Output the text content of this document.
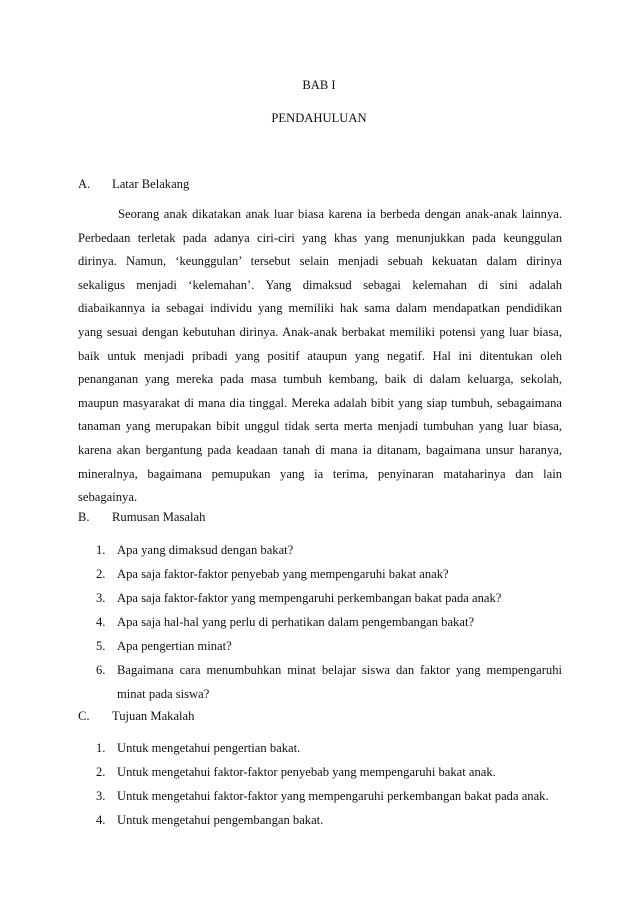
BAB I
PENDAHULUAN
A. Latar Belakang
Seorang anak dikatakan anak luar biasa karena ia berbeda dengan anak-anak lainnya.
Perbedaan terletak pada adanya ciri-ciri yang khas yang menunjukkan pada keunggulan
dirinya. Namun, ‘keunggulan’ tersebut selain menjadi sebuah kekuatan dalam dirinya
sekaligus menjadi ‘kelemahan’. Yang dimaksud sebagai kelemahan di sini adalah
diabaikannya ia sebagai individu yang memiliki hak sama dalam mendapatkan pendidikan
yang sesuai dengan kebutuhan dirinya. Anak-anak berbakat memiliki potensi yang luar biasa,
baik untuk menjadi pribadi yang positif ataupun yang negatif. Hal ini ditentukan oleh
penanganan yang mereka pada masa tumbuh kembang, baik di dalam keluarga, sekolah,
maupun masyarakat di mana dia tinggal. Mereka adalah bibit yang siap tumbuh, sebagaimana
tanaman yang merupakan bibit unggul tidak serta merta menjadi tumbuhan yang luar biasa,
karena akan bergantung pada keadaan tanah di mana ia ditanam, bagaimana unsur haranya,
mineralnya, bagaimana pemupukan yang ia terima, penyinaran mataharinya dan lain
sebagainya.
B. Rumusan Masalah
1. Apa yang dimaksud dengan bakat?
2. Apa saja faktor-faktor penyebab yang mempengaruhi bakat anak?
3. Apa saja faktor-faktor yang mempengaruhi perkembangan bakat pada anak?
4. Apa saja hal-hal yang perlu di perhatikan dalam pengembangan bakat?
5. Apa pengertian minat?
6. Bagaimana cara menumbuhkan minat belajar siswa dan faktor yang mempengaruhi
minat pada siswa?
C. Tujuan Makalah
1. Untuk mengetahui pengertian bakat.
2. Untuk mengetahui faktor-faktor penyebab yang mempengaruhi bakat anak.
3. Untuk mengetahui faktor-faktor yang mempengaruhi perkembangan bakat pada anak.
4. Untuk mengetahui pengembangan bakat.
